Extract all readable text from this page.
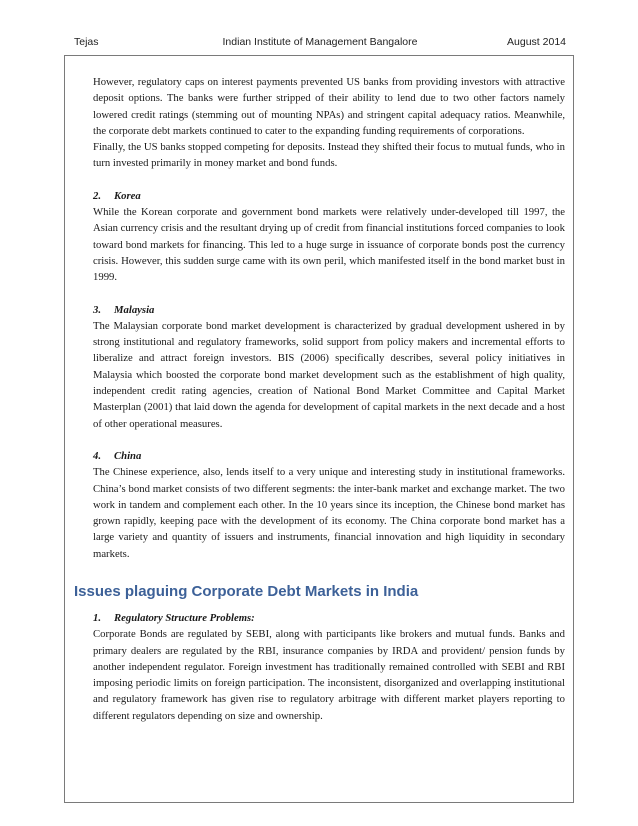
Tejas	Indian Institute of Management Bangalore	August 2014

However, regulatory caps on interest payments prevented US banks from providing investors with attractive deposit options. The banks were further stripped of their ability to lend due to two other factors namely lowered credit ratings (stemming out of mounting NPAs) and stringent capital adequacy ratios. Meanwhile, the corporate debt markets continued to cater to the expanding funding requirements of corporations.

Finally, the US banks stopped competing for deposits. Instead they shifted their focus to mutual funds, who in turn invested primarily in money market and bond funds.

2. Korea

While the Korean corporate and government bond markets were relatively under-developed till 1997, the Asian currency crisis and the resultant drying up of credit from financial institutions forced companies to look toward bond markets for financing. This led to a huge surge in issuance of corporate bonds post the currency crisis. However, this sudden surge came with its own peril, which manifested itself in the bond market bust in 1999.

3. Malaysia

The Malaysian corporate bond market development is characterized by gradual development ushered in by strong institutional and regulatory frameworks, solid support from policy makers and incremental efforts to liberalize and attract foreign investors. BIS (2006) specifically describes, several policy initiatives in Malaysia which boosted the corporate bond market development such as the establishment of high quality, independent credit rating agencies, creation of National Bond Market Committee and Capital Market Masterplan (2001) that laid down the agenda for development of capital markets in the next decade and a host of other operational measures.

4. China

The Chinese experience, also, lends itself to a very unique and interesting study in institutional frameworks. China’s bond market consists of two different segments: the inter-bank market and exchange market. The two work in tandem and complement each other. In the 10 years since its inception, the Chinese bond market has grown rapidly, keeping pace with the development of its economy. The China corporate bond market has a large variety and quantity of issuers and instruments, financial innovation and high liquidity in secondary markets.

Issues plaguing Corporate Debt Markets in India
1. Regulatory Structure Problems:

Corporate Bonds are regulated by SEBI, along with participants like brokers and mutual funds. Banks and primary dealers are regulated by the RBI, insurance companies by IRDA and provident/ pension funds by another independent regulator. Foreign investment has traditionally remained controlled with SEBI and RBI imposing periodic limits on foreign participation. The inconsistent, disorganized and overlapping institutional and regulatory framework has given rise to regulatory arbitrage with different market players reporting to different regulators depending on size and ownership.
